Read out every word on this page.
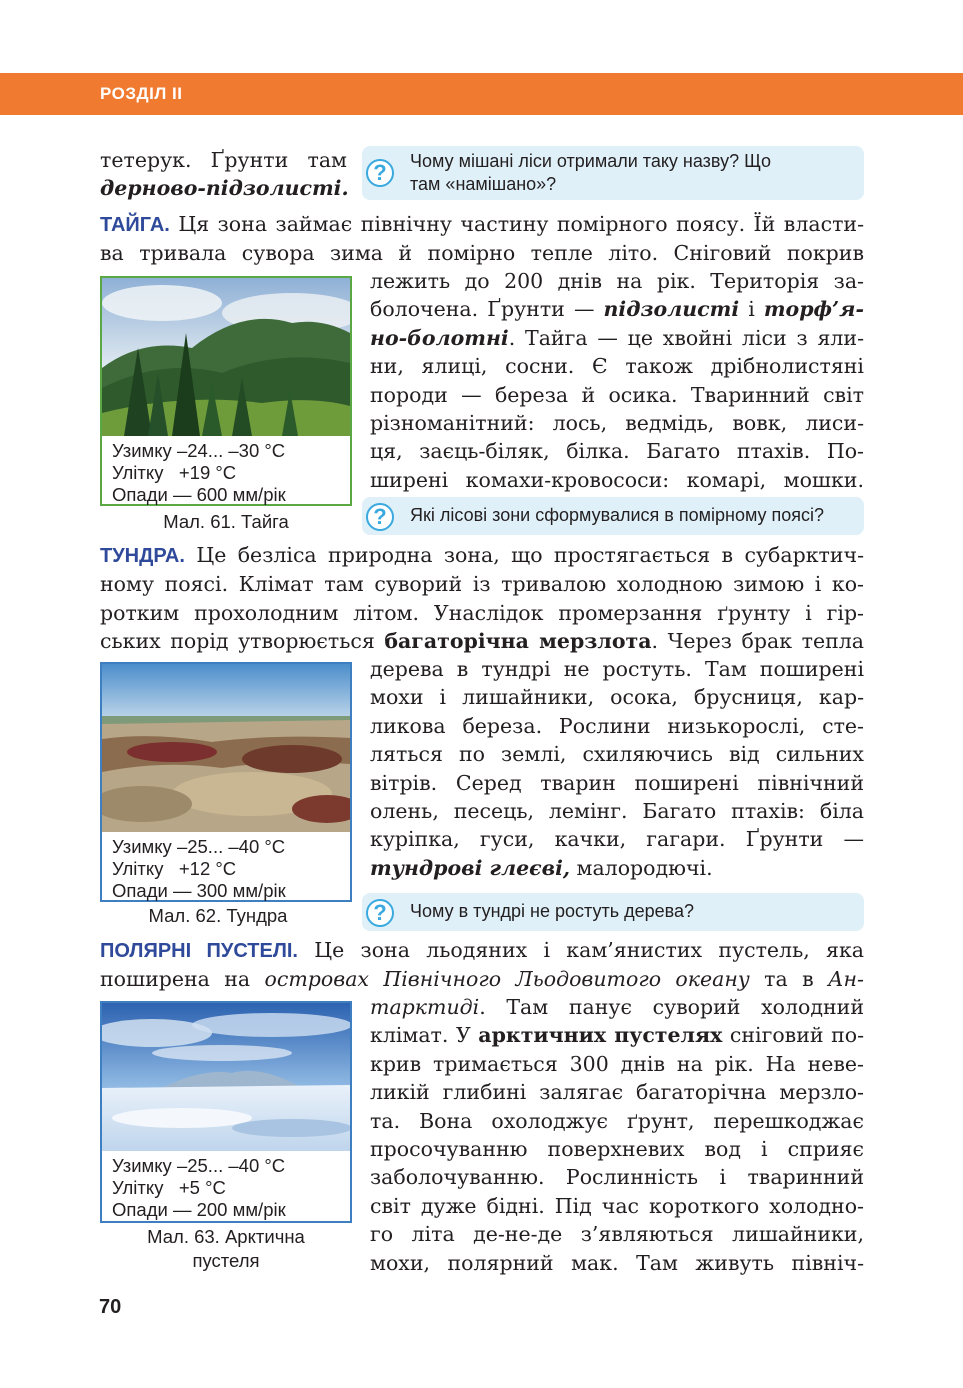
РОЗДІЛ ІІ
тетерук. Ґрунти там
дерново-підзолисті.
?	Чому мішані ліси отримали таку назву? Що
там «намішано»?
ТАЙГА. Ця зона займає північну частину помірного поясу. Їй власти-
ва тривала сувора зима й помірно тепле літо. Сніговий покрив
Узимку –24... –30 °С
Улітку   +19 °С
Опади — 600 мм/рік
Мал. 61. Тайга
лежить до 200 днів на рік. Територія за-
болочена. Ґрунти — підзолисті і торф’я-
но-болотні. Тайга — це хвойні ліси з яли-
ни, ялиці, сосни. Є також дрібнолистяні
породи — береза й осика. Тваринний світ
різноманітний: лось, ведмідь, вовк, лиси-
ця, заєць-біляк, білка. Багато птахів. По-
ширені комахи-кровососи: комарі, мошки.
?	Які лісові зони сформувалися в помірному поясі?
ТУНДРА. Це безліса природна зона, що простягається в субарктич-
ному поясі. Клімат там суворий із тривалою холодною зимою і ко-
ротким прохолодним літом. Унаслідок промерзання ґрунту і гір-
ських порід утворюється багаторічна мерзлота. Через брак тепла
Узимку –25... –40 °С
Улітку   +12 °С
Опади — 300 мм/рік
Мал. 62. Тундра
дерева в тундрі не ростуть. Там поширені
мохи і лишайники, осока, брусниця, кар-
ликова береза. Рослини низькорослі, сте-
ляться по землі, схиляючись від сильних
вітрів. Серед тварин поширені північний
олень, песець, лемінг. Багато птахів: біла
куріпка, гуси, качки, гагари. Ґрунти —
тундрові глеєві, малородючі.
?	Чому в тундрі не ростуть дерева?
ПОЛЯРНІ ПУСТЕЛІ. Це зона льодяних і кам’янистих пустель, яка
поширена на островах Північного Льодовитого океану та в Ан-
Узимку –25... –40 °С
Улітку   +5 °С
Опади — 200 мм/рік
Мал. 63. Арктична
пустеля
тарктиді. Там панує суворий холодний
клімат. У арктичних пустелях сніговий по-
крив тримається 300 днів на рік. На неве-
ликій глибині залягає багаторічна мерзло-
та. Вона охолоджує ґрунт, перешкоджає
просочуванню поверхневих вод і сприяє
заболочуванню. Рослинність і тваринний
світ дуже бідні. Під час короткого холодно-
го літа де-не-де з’являються лишайники,
мохи, полярний мак. Там живуть північ-
70
